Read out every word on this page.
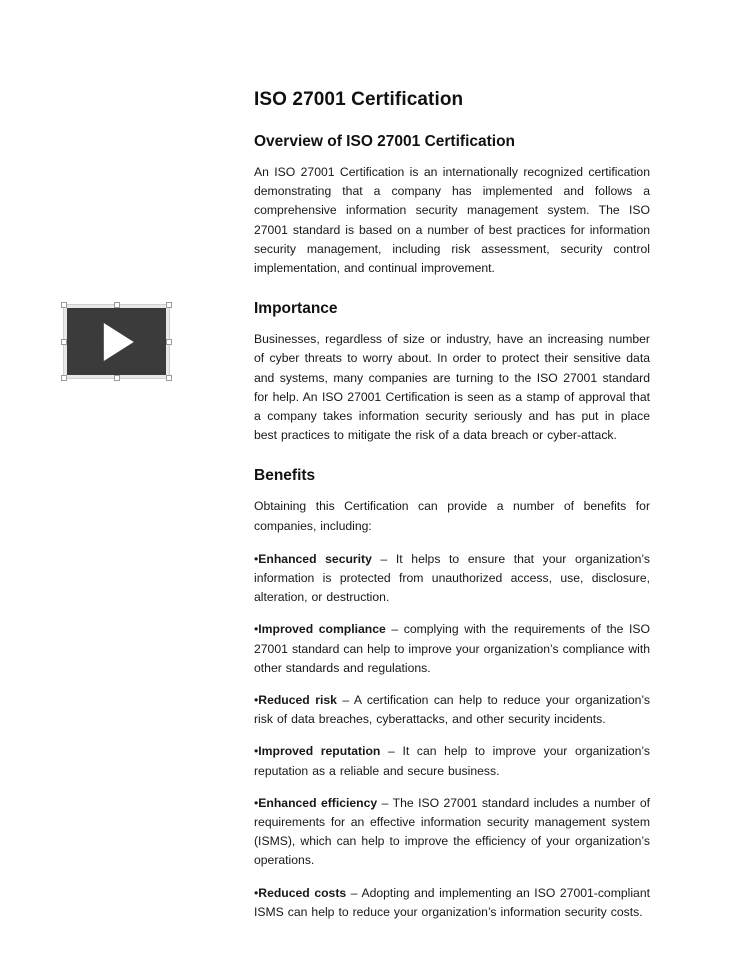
ISO 27001 Certification
Overview of ISO 27001 Certification

An ISO 27001 Certification is an internationally recognized certification demonstrating that a company has implemented and follows a comprehensive information security management system. The ISO 27001 standard is based on a number of best practices for information security management, including risk assessment, security control implementation, and continual improvement.

Importance

Businesses, regardless of size or industry, have an increasing number of cyber threats to worry about. In order to protect their sensitive data and systems, many companies are turning to the ISO 27001 standard for help. An ISO 27001 Certification is seen as a stamp of approval that a company takes information security seriously and has put in place best practices to mitigate the risk of a data breach or cyber-attack.

Benefits

Obtaining this Certification can provide a number of benefits for companies, including:

•Enhanced security – It helps to ensure that your organization’s information is protected from unauthorized access, use, disclosure, alteration, or destruction.

•Improved compliance – complying with the requirements of the ISO 27001 standard can help to improve your organization’s compliance with other standards and regulations.

•Reduced risk – A certification can help to reduce your organization’s risk of data breaches, cyberattacks, and other security incidents.

•Improved reputation – It can help to improve your organization’s reputation as a reliable and secure business.

•Enhanced efficiency – The ISO 27001 standard includes a number of requirements for an effective information security management system (ISMS), which can help to improve the efficiency of your organization’s operations.

•Reduced costs – Adopting and implementing an ISO 27001-compliant ISMS can help to reduce your organization’s information security costs.
